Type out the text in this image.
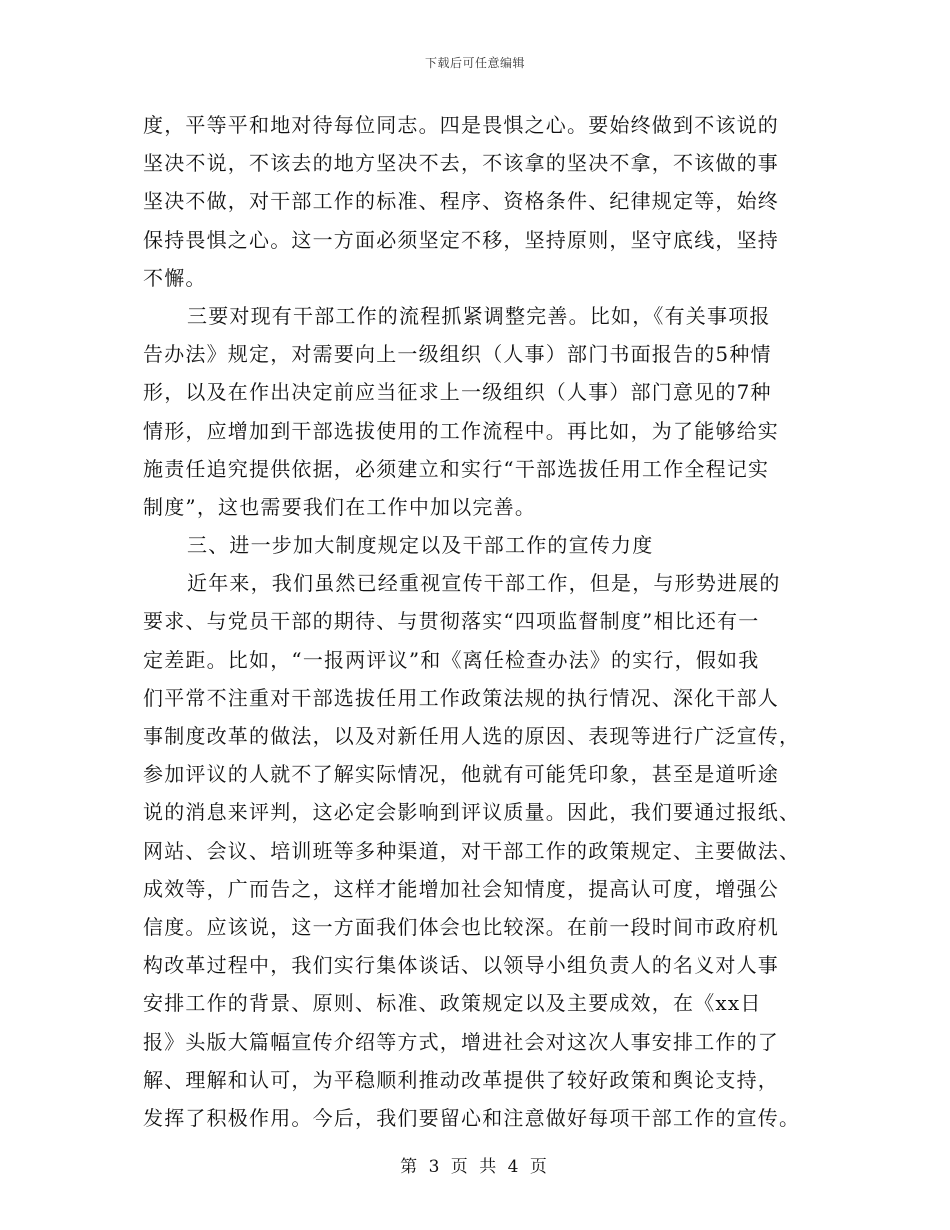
下载后可任意编辑
度，平等平和地对待每位同志。四是畏惧之心。要始终做到不该说的
坚决不说，不该去的地方坚决不去，不该拿的坚决不拿，不该做的事
坚决不做，对干部工作的标准、程序、资格条件、纪律规定等，始终
保持畏惧之心。这一方面必须坚定不移，坚持原则，坚守底线，坚持
不懈。
三要对现有干部工作的流程抓紧调整完善。比如，《有关事项报
告办法》规定，对需要向上一级组织（人事）部门书面报告的5种情
形，以及在作出决定前应当征求上一级组织（人事）部门意见的7种
情形，应增加到干部选拔使用的工作流程中。再比如，为了能够给实
施责任追究提供依据，必须建立和实行“干部选拔任用工作全程记实
制度”，这也需要我们在工作中加以完善。
三、进一步加大制度规定以及干部工作的宣传力度
近年来，我们虽然已经重视宣传干部工作，但是，与形势进展的
要求、与党员干部的期待、与贯彻落实“四项监督制度”相比还有一
定差距。比如，“一报两评议”和《离任检查办法》的实行，假如我
们平常不注重对干部选拔任用工作政策法规的执行情况、深化干部人
事制度改革的做法，以及对新任用人选的原因、表现等进行广泛宣传，
参加评议的人就不了解实际情况，他就有可能凭印象，甚至是道听途
说的消息来评判，这必定会影响到评议质量。因此，我们要通过报纸、
网站、会议、培训班等多种渠道，对干部工作的政策规定、主要做法、
成效等，广而告之，这样才能增加社会知情度，提高认可度，增强公
信度。应该说，这一方面我们体会也比较深。在前一段时间市政府机
构改革过程中，我们实行集体谈话、以领导小组负责人的名义对人事
安排工作的背景、原则、标准、政策规定以及主要成效，在《xx日
报》头版大篇幅宣传介绍等方式，增进社会对这次人事安排工作的了
解、理解和认可，为平稳顺利推动改革提供了较好政策和舆论支持，
发挥了积极作用。今后，我们要留心和注意做好每项干部工作的宣传。
第 3 页 共 4 页
